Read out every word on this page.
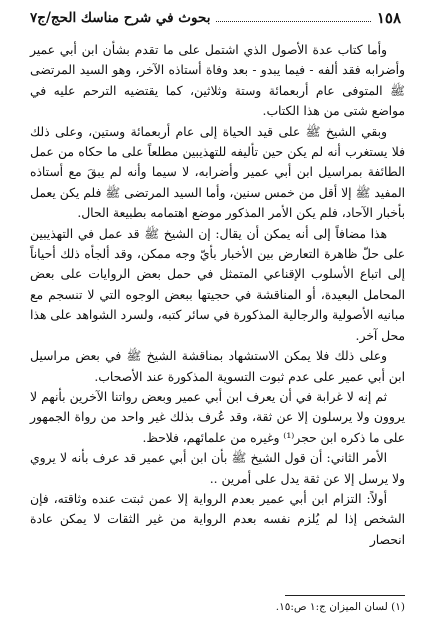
١٥٨
بحوث في شرح مناسك الحج/ج٧

وأما كتاب عدة الأصول الذي اشتمل على ما تقدم بشأن ابن أبي عمير وأضرابه فقد ألفه - فيما يبدو - بعد وفاة أستاذه الآخر، وهو السيد المرتضى ﷺ المتوفى عام أربعمائة وستة وثلاثين، كما يقتضيه الترحم عليه في مواضع شتى من هذا الكتاب.

وبقي الشيخ ﷺ على قيد الحياة إلى عام أربعمائة وستين، وعلى ذلك فلا يستغرب أنه لم يكن حين تأليفه للتهذيبين مطلعاً على ما حكاه من عمل الطائفة بمراسيل ابن أبي عمير وأضرابه، لا سيما وأنه لم يبقَ مع أستاذه المفيد ﷺ إلا أقل من خمس سنين، وأما السيد المرتضى ﷺ فلم يكن يعمل بأخبار الآحاد، فلم يكن الأمر المذكور موضع اهتمامه بطبيعة الحال.

هذا مضافاً إلى أنه يمكن أن يقال: إن الشيخ ﷺ قد عمل في التهذيبين على حلّ ظاهرة التعارض بين الأخبار بأيّ وجه ممكن، وقد ألجأه ذلك أحياناً إلى اتباع الأسلوب الإقناعي المتمثل في حمل بعض الروايات على بعض المحامل البعيدة، أو المناقشة في حجيتها ببعض الوجوه التي لا تنسجم مع مبانيه الأصولية والرجالية المذكورة في سائر كتبه، ولسرد الشواهد على هذا محل آخر.

وعلى ذلك فلا يمكن الاستشهاد بمناقشة الشيخ ﷺ في بعض مراسيل ابن أبي عمير على عدم ثبوت التسوية المذكورة عند الأصحاب.

ثم إنه لا غرابة في أن يعرف ابن أبي عمير وبعض رواتنا الآخرين بأنهم لا يروون ولا يرسلون إلا عن ثقة، وقد عُرف بذلك غير واحد من رواة الجمهور على ما ذكره ابن حجر⁽¹⁾ وغيره من علمائهم، فلاحظ.

الأمر الثاني: أن قول الشيخ ﷺ بأن ابن أبي عمير قد عرف بأنه لا يروي ولا يرسل إلا عن ثقة يدل على أمرين ..

أولاً: التزام ابن أبي عمير بعدم الرواية إلا عمن ثبتت عنده وثاقته، فإن الشخص إذا لم يُلزم نفسه بعدم الرواية من غير الثقات لا يمكن عادة انحصار

(١) لسان الميزان ج:١ ص:١٥.
